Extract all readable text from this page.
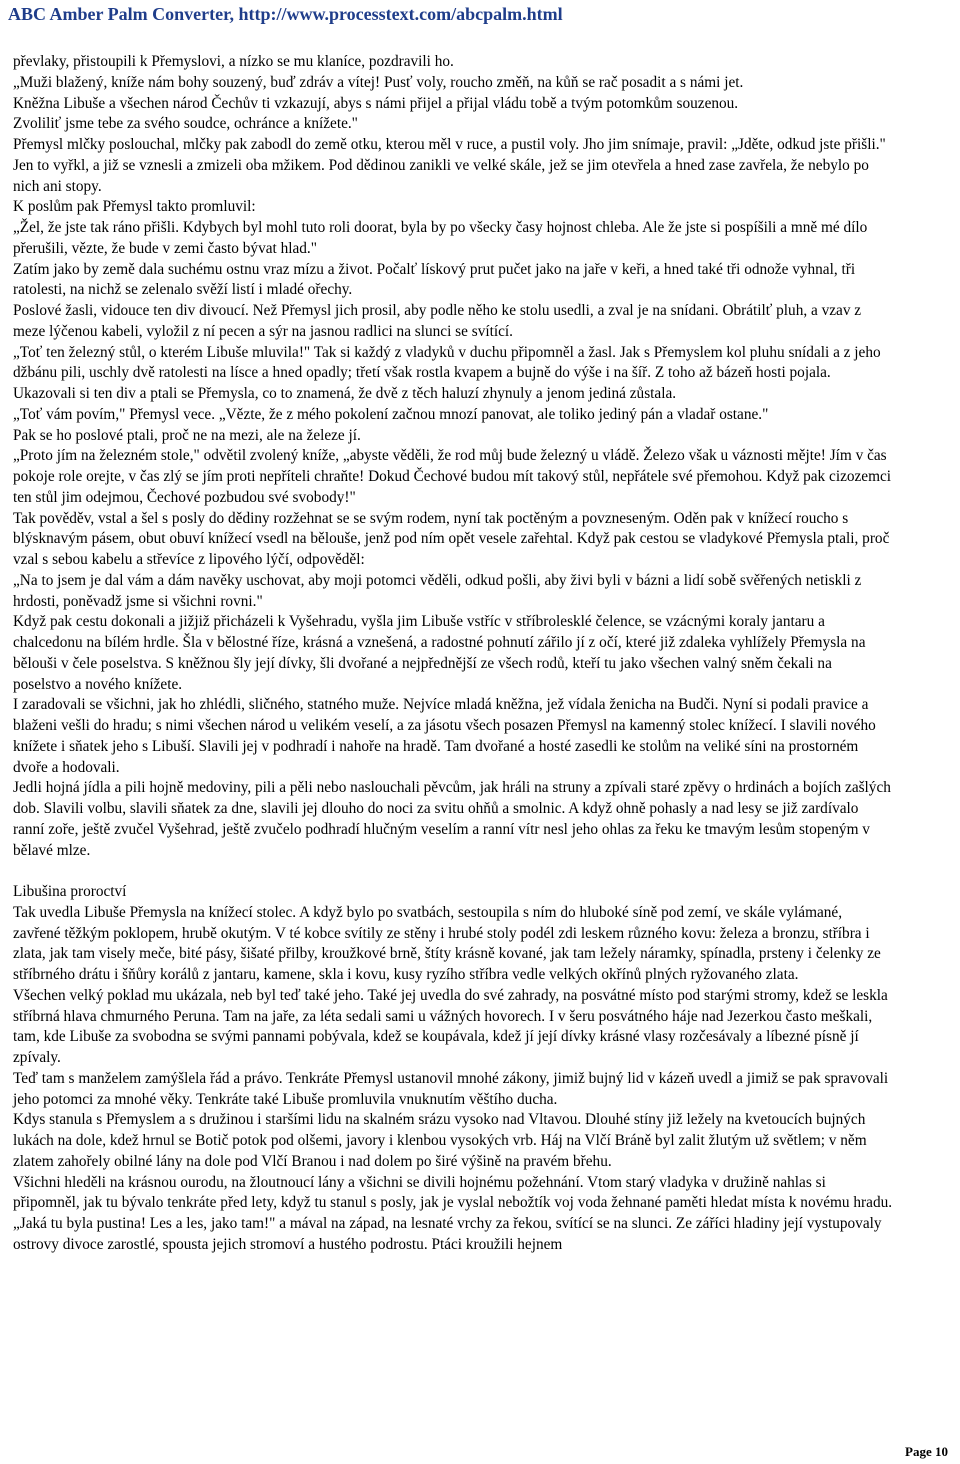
ABC Amber Palm Converter, http://www.processtext.com/abcpalm.html

převlaky, přistoupili k Přemyslovi, a nízko se mu klaníce, pozdravili ho.

„Muži blažený, kníže nám bohy souzený, buď zdráv a vítej! Pusť voly, roucho změň, na kůň se rač posadit a s námi jet.

Kněžna Libuše a všechen národ Čechův ti vzkazují, abys s námi přijel a přijal vládu tobě a tvým potomkům souzenou.

Zvoliliť jsme tebe za svého soudce, ochránce a knížete."

Přemysl mlčky poslouchal, mlčky pak zabodl do země otku, kterou měl v ruce, a pustil voly. Jho jim snímaje, pravil: „Jděte, odkud jste přišli."

Jen to vyřkl, a již se vznesli a zmizeli oba mžikem. Pod dědinou zanikli ve velké skále, jež se jim otevřela a hned zase zavřela, že nebylo po nich ani stopy.

K poslům pak Přemysl takto promluvil:

„Žel, že jste tak ráno přišli. Kdybych byl mohl tuto roli doorat, byla by po všecky časy hojnost chleba. Ale že jste si pospíšili a mně mé dílo přerušili, vězte, že bude v zemi často bývat hlad."

Zatím jako by země dala suchému ostnu vraz mízu a život. Počalť lískový prut pučet jako na jaře v keři, a hned také tři odnože vyhnal, tři ratolesti, na nichž se zelenalo svěží listí i mladé ořechy.

Poslové žasli, vidouce ten div divoucí. Než Přemysl jich prosil, aby podle něho ke stolu usedli, a zval je na snídani. Obrátilť pluh, a vzav z meze lýčenou kabeli, vyložil z ní pecen a sýr na jasnou radlici na slunci se svítící.

„Toť ten železný stůl, o kterém Libuše mluvila!" Tak si každý z vladyků v duchu připomněl a žasl. Jak s Přemyslem kol pluhu snídali a z jeho džbánu pili, uschly dvě ratolesti na lísce a hned opadly; třetí však rostla kvapem a bujně do výše i na šíř. Z toho až bázeň hosti pojala. Ukazovali si ten div a ptali se Přemysla, co to znamená, že dvě z těch haluzí zhynuly a jenom jediná zůstala.

„Toť vám povím," Přemysl vece. „Vězte, že z mého pokolení začnou mnozí panovat, ale toliko jediný pán a vladař ostane."

Pak se ho poslové ptali, proč ne na mezi, ale na železe jí.

„Proto jím na železném stole," odvětil zvolený kníže, „abyste věděli, že rod můj bude železný u vládě. Železo však u váznosti mějte! Jím v čas pokoje role orejte, v čas zlý se jím proti nepříteli chraňte! Dokud Čechové budou mít takový stůl, nepřátele své přemohou. Když pak cizozemci ten stůl jim odejmou, Čechové pozbudou své svobody!"

Tak pověděv, vstal a šel s posly do dědiny rozžehnat se se svým rodem, nyní tak poctěným a povzneseným. Oděn pak v knížecí roucho s blýsknavým pásem, obut obuví knížecí vsedl na bělouše, jenž pod ním opět vesele zařehtal. Když pak cestou se vladykové Přemysla ptali, proč vzal s sebou kabelu a střevíce z lipového lýčí, odpověděl:

„Na to jsem je dal vám a dám navěky uschovat, aby moji potomci věděli, odkud pošli, aby živi byli v bázni a lidí sobě svěřených netiskli z hrdosti, poněvadž jsme si všichni rovni."

Když pak cestu dokonali a jižjiž přicházeli k Vyšehradu, vyšla jim Libuše vstříc v stříbrolesklé čelence, se vzácnými koraly jantaru a chalcedonu na bílém hrdle. Šla v bělostné říze, krásná a vznešená, a radostné pohnutí zářilo jí z očí, které již zdaleka vyhlížely Přemysla na bělouši v čele poselstva. S kněžnou šly její dívky, šli dvořané a nejpřednější ze všech rodů, kteří tu jako všechen valný sněm čekali na poselstvo a nového knížete.

I zaradovali se všichni, jak ho zhlédli, sličného, statného muže. Nejvíce mladá kněžna, jež vídala ženicha na Budči. Nyní si podali pravice a blaženi vešli do hradu; s nimi všechen národ u velikém veselí, a za jásotu všech posazen Přemysl na kamenný stolec knížecí. I slavili nového knížete i sňatek jeho s Libuší. Slavili jej v podhradí i nahoře na hradě. Tam dvořané a hosté zasedli ke stolům na veliké síni na prostorném dvoře a hodovali.

Jedli hojná jídla a pili hojně medoviny, pili a pěli nebo naslouchali pěvcům, jak hráli na struny a zpívali staré zpěvy o hrdinách a bojích zašlých dob. Slavili volbu, slavili sňatek za dne, slavili jej dlouho do noci za svitu ohňů a smolnic. A když ohně pohasly a nad lesy se již zardívalo ranní zoře, ještě zvučel Vyšehrad, ještě zvučelo podhradí hlučným veselím a ranní vítr nesl jeho ohlas za řeku ke tmavým lesům stopeným v bělavé mlze.

Libušina proroctví

Tak uvedla Libuše Přemysla na knížecí stolec. A když bylo po svatbách, sestoupila s ním do hluboké síně pod zemí, ve skále vylámané, zavřené těžkým poklopem, hrubě okutým. V té kobce svítily ze stěny i hrubé stoly podél zdi leskem různého kovu: železa a bronzu, stříbra i zlata, jak tam visely meče, bité pásy, šišaté přilby, kroužkové brně, štíty krásně kované, jak tam ležely náramky, spínadla, prsteny i čelenky ze stříbrného drátu i šňůry korálů z jantaru, kamene, skla i kovu, kusy ryzího stříbra vedle velkých okřínů plných ryžovaného zlata.

Všechen velký poklad mu ukázala, neb byl teď také jeho. Také jej uvedla do své zahrady, na posvátné místo pod starými stromy, kdež se leskla stříbrná hlava chmurného Peruna. Tam na jaře, za léta sedali sami u vážných hovorech. I v šeru posvátného háje nad Jezerkou často meškali, tam, kde Libuše za svobodna se svými pannami pobývala, kdež se koupávala, kdež jí její dívky krásné vlasy rozčesávaly a líbezné písně jí zpívaly.

Teď tam s manželem zamýšlela řád a právo. Tenkráte Přemysl ustanovil mnohé zákony, jimiž bujný lid v kázeň uvedl a jimiž se pak spravovali jeho potomci za mnohé věky. Tenkráte také Libuše promluvila vnuknutím věštího ducha.

Kdys stanula s Přemyslem a s družinou i staršími lidu na skalném srázu vysoko nad Vltavou. Dlouhé stíny již ležely na kvetoucích bujných lukách na dole, kdež hrnul se Botič potok pod olšemi, javory i klenbou vysokých vrb. Háj na Vlčí Bráně byl zalit žlutým už světlem; v něm zlatem zahořely obilné lány na dole pod Vlčí Branou i nad dolem po širé výšině na pravém břehu.

Všichni hleděli na krásnou ourodu, na žloutnoucí lány a všichni se divili hojnému požehnání. Vtom starý vladyka v družině nahlas si připomněl, jak tu bývalo tenkráte před lety, když tu stanul s posly, jak je vyslal nebožtík voj voda žehnané paměti hledat místa k novému hradu.

„Jaká tu byla pustina! Les a les, jako tam!" a mával na západ, na lesnaté vrchy za řekou, svítící se na slunci. Ze záříci hladiny její vystupovaly ostrovy divoce zarostlé, spousta jejich stromoví a hustého podrostu. Ptáci kroužili hejnem

Page 10
